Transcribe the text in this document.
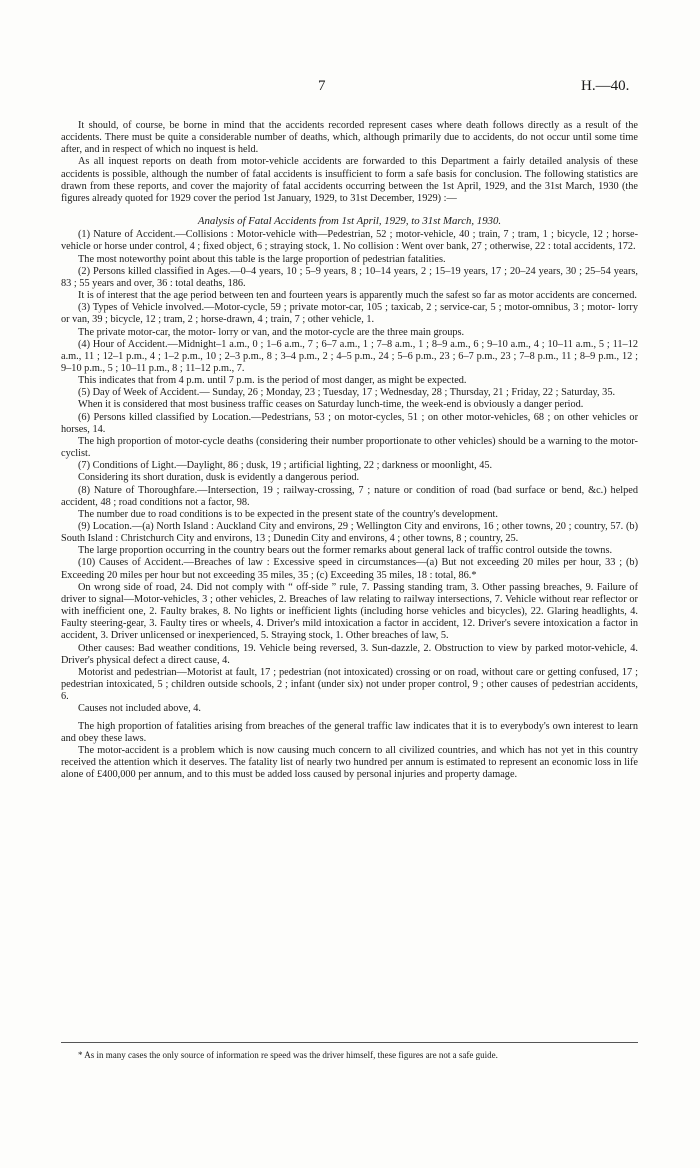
7	H.—40.

It should, of course, be borne in mind that the accidents recorded represent cases where death follows directly as a result of the accidents. There must be quite a considerable number of deaths, which, although primarily due to accidents, do not occur until some time after, and in respect of which no inquest is held.

As all inquest reports on death from motor-vehicle accidents are forwarded to this Department a fairly detailed analysis of these accidents is possible, although the number of fatal accidents is insufficient to form a safe basis for conclusion. The following statistics are drawn from these reports, and cover the majority of fatal accidents occurring between the 1st April, 1929, and the 31st March, 1930 (the figures already quoted for 1929 cover the period 1st January, 1929, to 31st December, 1929) :—

Analysis of Fatal Accidents from 1st April, 1929, to 31st March, 1930.

(1) Nature of Accident.—Collisions : Motor-vehicle with—Pedestrian, 52 ; motor-vehicle, 40 ; train, 7 ; tram, 1 ; bicycle, 12 ; horse-vehicle or horse under control, 4 ; fixed object, 6 ; straying stock, 1. No collision : Went over bank, 27 ; otherwise, 22 : total accidents, 172.

The most noteworthy point about this table is the large proportion of pedestrian fatalities.

(2) Persons killed classified in Ages.—0–4 years, 10 ; 5–9 years, 8 ; 10–14 years, 2 ; 15–19 years, 17 ; 20–24 years, 30 ; 25–54 years, 83 ; 55 years and over, 36 : total deaths, 186.

It is of interest that the age period between ten and fourteen years is apparently much the safest so far as motor accidents are concerned.

(3) Types of Vehicle involved.—Motor-cycle, 59 ; private motor-car, 105 ; taxicab, 2 ; service-car, 5 ; motor-omnibus, 3 ; motor- lorry or van, 39 ; bicycle, 12 ; tram, 2 ; horse-drawn, 4 ; train, 7 ; other vehicle, 1.

The private motor-car, the motor- lorry or van, and the motor-cycle are the three main groups.

(4) Hour of Accident.—Midnight–1 a.m., 0 ; 1–6 a.m., 7 ; 6–7 a.m., 1 ; 7–8 a.m., 1 ; 8–9 a.m., 6 ; 9–10 a.m., 4 ; 10–11 a.m., 5 ; 11–12 a.m., 11 ; 12–1 p.m., 4 ; 1–2 p.m., 10 ; 2–3 p.m., 8 ; 3–4 p.m., 2 ; 4–5 p.m., 24 ; 5–6 p.m., 23 ; 6–7 p.m., 23 ; 7–8 p.m., 11 ; 8–9 p.m., 12 ; 9–10 p.m., 5 ; 10–11 p.m., 8 ; 11–12 p.m., 7.

This indicates that from 4 p.m. until 7 p.m. is the period of most danger, as might be expected.

(5) Day of Week of Accident.— Sunday, 26 ; Monday, 23 ; Tuesday, 17 ; Wednesday, 28 ; Thursday, 21 ; Friday, 22 ; Saturday, 35.

When it is considered that most business traffic ceases on Saturday lunch-time, the week-end is obviously a danger period.

(6) Persons killed classified by Location.—Pedestrians, 53 ; on motor-cycles, 51 ; on other motor-vehicles, 68 ; on other vehicles or horses, 14.

The high proportion of motor-cycle deaths (considering their number proportionate to other vehicles) should be a warning to the motor-cyclist.

(7) Conditions of Light.—Daylight, 86 ; dusk, 19 ; artificial lighting, 22 ; darkness or moonlight, 45.

Considering its short duration, dusk is evidently a dangerous period.

(8) Nature of Thoroughfare.—Intersection, 19 ; railway-crossing, 7 ; nature or condition of road (bad surface or bend, &c.) helped accident, 48 ; road conditions not a factor, 98.

The number due to road conditions is to be expected in the present state of the country's development.

(9) Location.—(a) North Island : Auckland City and environs, 29 ; Wellington City and environs, 16 ; other towns, 20 ; country, 57. (b) South Island : Christchurch City and environs, 13 ; Dunedin City and environs, 4 ; other towns, 8 ; country, 25.

The large proportion occurring in the country bears out the former remarks about general lack of traffic control outside the towns.

(10) Causes of Accident.—Breaches of law : Excessive speed in circumstances—(a) But not exceeding 20 miles per hour, 33 ; (b) Exceeding 20 miles per hour but not exceeding 35 miles, 35 ; (c) Exceeding 35 miles, 18 : total, 86.*

On wrong side of road, 24. Did not comply with “ off-side ” rule, 7. Passing standing tram, 3. Other passing breaches, 9. Failure of driver to signal—Motor-vehicles, 3 ; other vehicles, 2. Breaches of law relating to railway intersections, 7. Vehicle without rear reflector or with inefficient one, 2. Faulty brakes, 8. No lights or inefficient lights (including horse vehicles and bicycles), 22. Glaring headlights, 4. Faulty steering-gear, 3. Faulty tires or wheels, 4. Driver's mild intoxication a factor in accident, 12. Driver's severe intoxication a factor in accident, 3. Driver unlicensed or inexperienced, 5. Straying stock, 1. Other breaches of law, 5.

Other causes: Bad weather conditions, 19. Vehicle being reversed, 3. Sun-dazzle, 2. Obstruction to view by parked motor-vehicle, 4. Driver's physical defect a direct cause, 4.

Motorist and pedestrian—Motorist at fault, 17 ; pedestrian (not intoxicated) crossing or on road, without care or getting confused, 17 ; pedestrian intoxicated, 5 ; children outside schools, 2 ; infant (under six) not under proper control, 9 ; other causes of pedestrian accidents, 6.

Causes not included above, 4.

The high proportion of fatalities arising from breaches of the general traffic law indicates that it is to everybody's own interest to learn and obey these laws.

The motor-accident is a problem which is now causing much concern to all civilized countries, and which has not yet in this country received the attention which it deserves. The fatality list of nearly two hundred per annum is estimated to represent an economic loss in life alone of £400,000 per annum, and to this must be added loss caused by personal injuries and property damage.

* As in many cases the only source of information re speed was the driver himself, these figures are not a safe guide.
